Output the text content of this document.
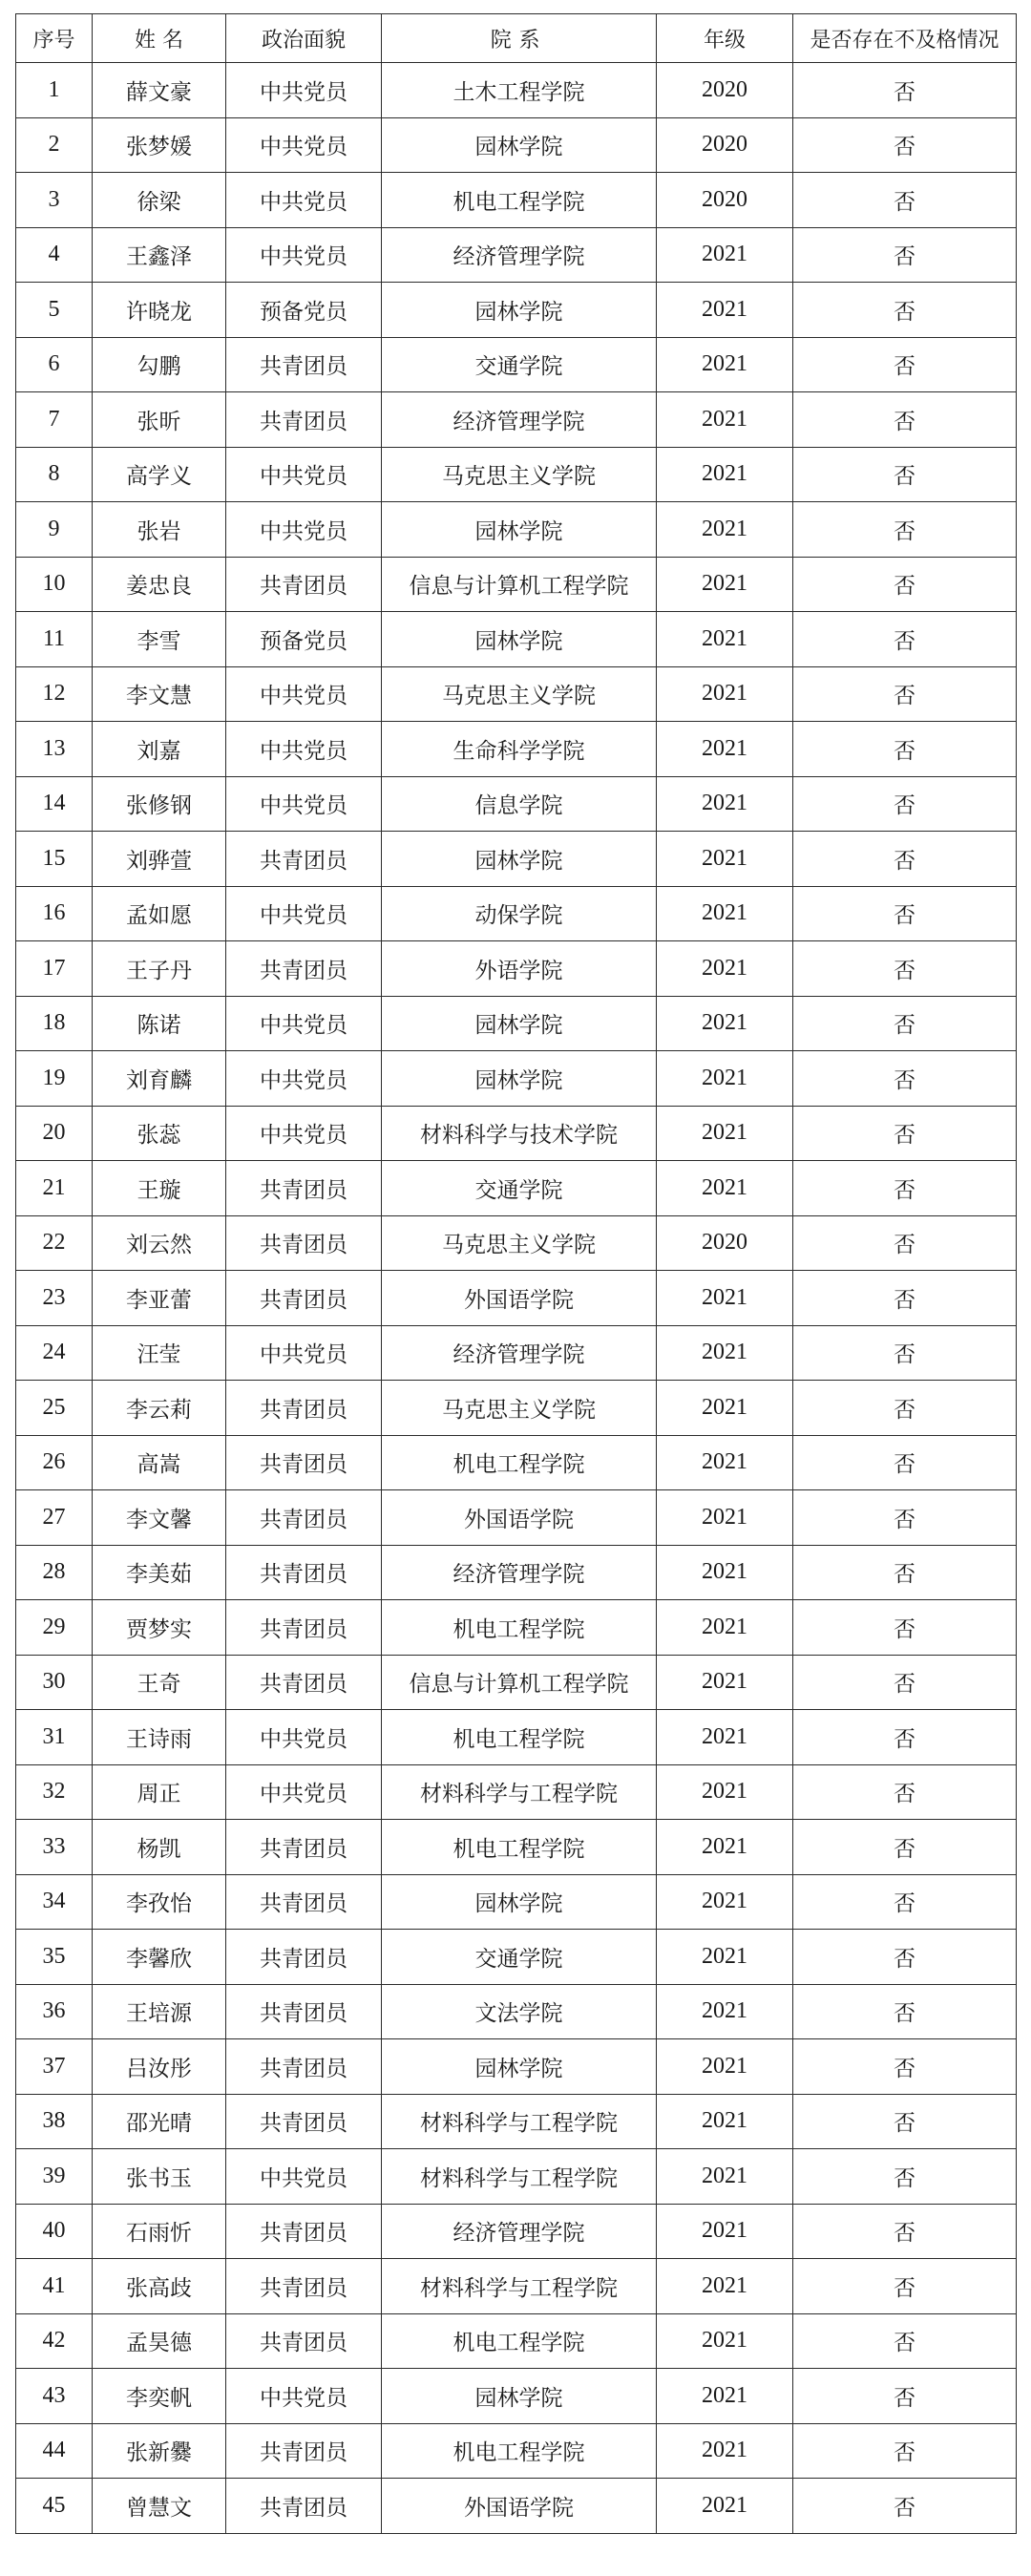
序号	姓 名	政治面貌	院系	年级	是否存在不及格情况
1	薛文豪	中共党员	土木工程学院	2020	否
2	张梦媛	中共党员	园林学院	2020	否
3	徐梁	中共党员	机电工程学院	2020	否
4	王鑫泽	中共党员	经济管理学院	2021	否
5	许晓龙	预备党员	园林学院	2021	否
6	勾鹏	共青团员	交通学院	2021	否
7	张昕	共青团员	经济管理学院	2021	否
8	高学义	中共党员	马克思主义学院	2021	否
9	张岩	中共党员	园林学院	2021	否
10	姜忠良	共青团员	信息与计算机工程学院	2021	否
11	李雪	预备党员	园林学院	2021	否
12	李文慧	中共党员	马克思主义学院	2021	否
13	刘嘉	中共党员	生命科学学院	2021	否
14	张修钢	中共党员	信息学院	2021	否
15	刘骅萱	共青团员	园林学院	2021	否
16	孟如愿	中共党员	动保学院	2021	否
17	王子丹	共青团员	外语学院	2021	否
18	陈诺	中共党员	园林学院	2021	否
19	刘育麟	中共党员	园林学院	2021	否
20	张蕊	中共党员	材料科学与技术学院	2021	否
21	王璇	共青团员	交通学院	2021	否
22	刘云然	共青团员	马克思主义学院	2020	否
23	李亚蕾	共青团员	外国语学院	2021	否
24	汪莹	中共党员	经济管理学院	2021	否
25	李云莉	共青团员	马克思主义学院	2021	否
26	高嵩	共青团员	机电工程学院	2021	否
27	李文馨	共青团员	外国语学院	2021	否
28	李美茹	共青团员	经济管理学院	2021	否
29	贾梦实	共青团员	机电工程学院	2021	否
30	王奇	共青团员	信息与计算机工程学院	2021	否
31	王诗雨	中共党员	机电工程学院	2021	否
32	周正	中共党员	材料科学与工程学院	2021	否
33	杨凯	共青团员	机电工程学院	2021	否
34	李孜怡	共青团员	园林学院	2021	否
35	李馨欣	共青团员	交通学院	2021	否
36	王培源	共青团员	文法学院	2021	否
37	吕汝彤	共青团员	园林学院	2021	否
38	邵光晴	共青团员	材料科学与工程学院	2021	否
39	张书玉	中共党员	材料科学与工程学院	2021	否
40	石雨忻	共青团员	经济管理学院	2021	否
41	张高歧	共青团员	材料科学与工程学院	2021	否
42	孟昊德	共青团员	机电工程学院	2021	否
43	李奕帆	中共党员	园林学院	2021	否
44	张新爨	共青团员	机电工程学院	2021	否
45	曾慧文	共青团员	外国语学院	2021	否
